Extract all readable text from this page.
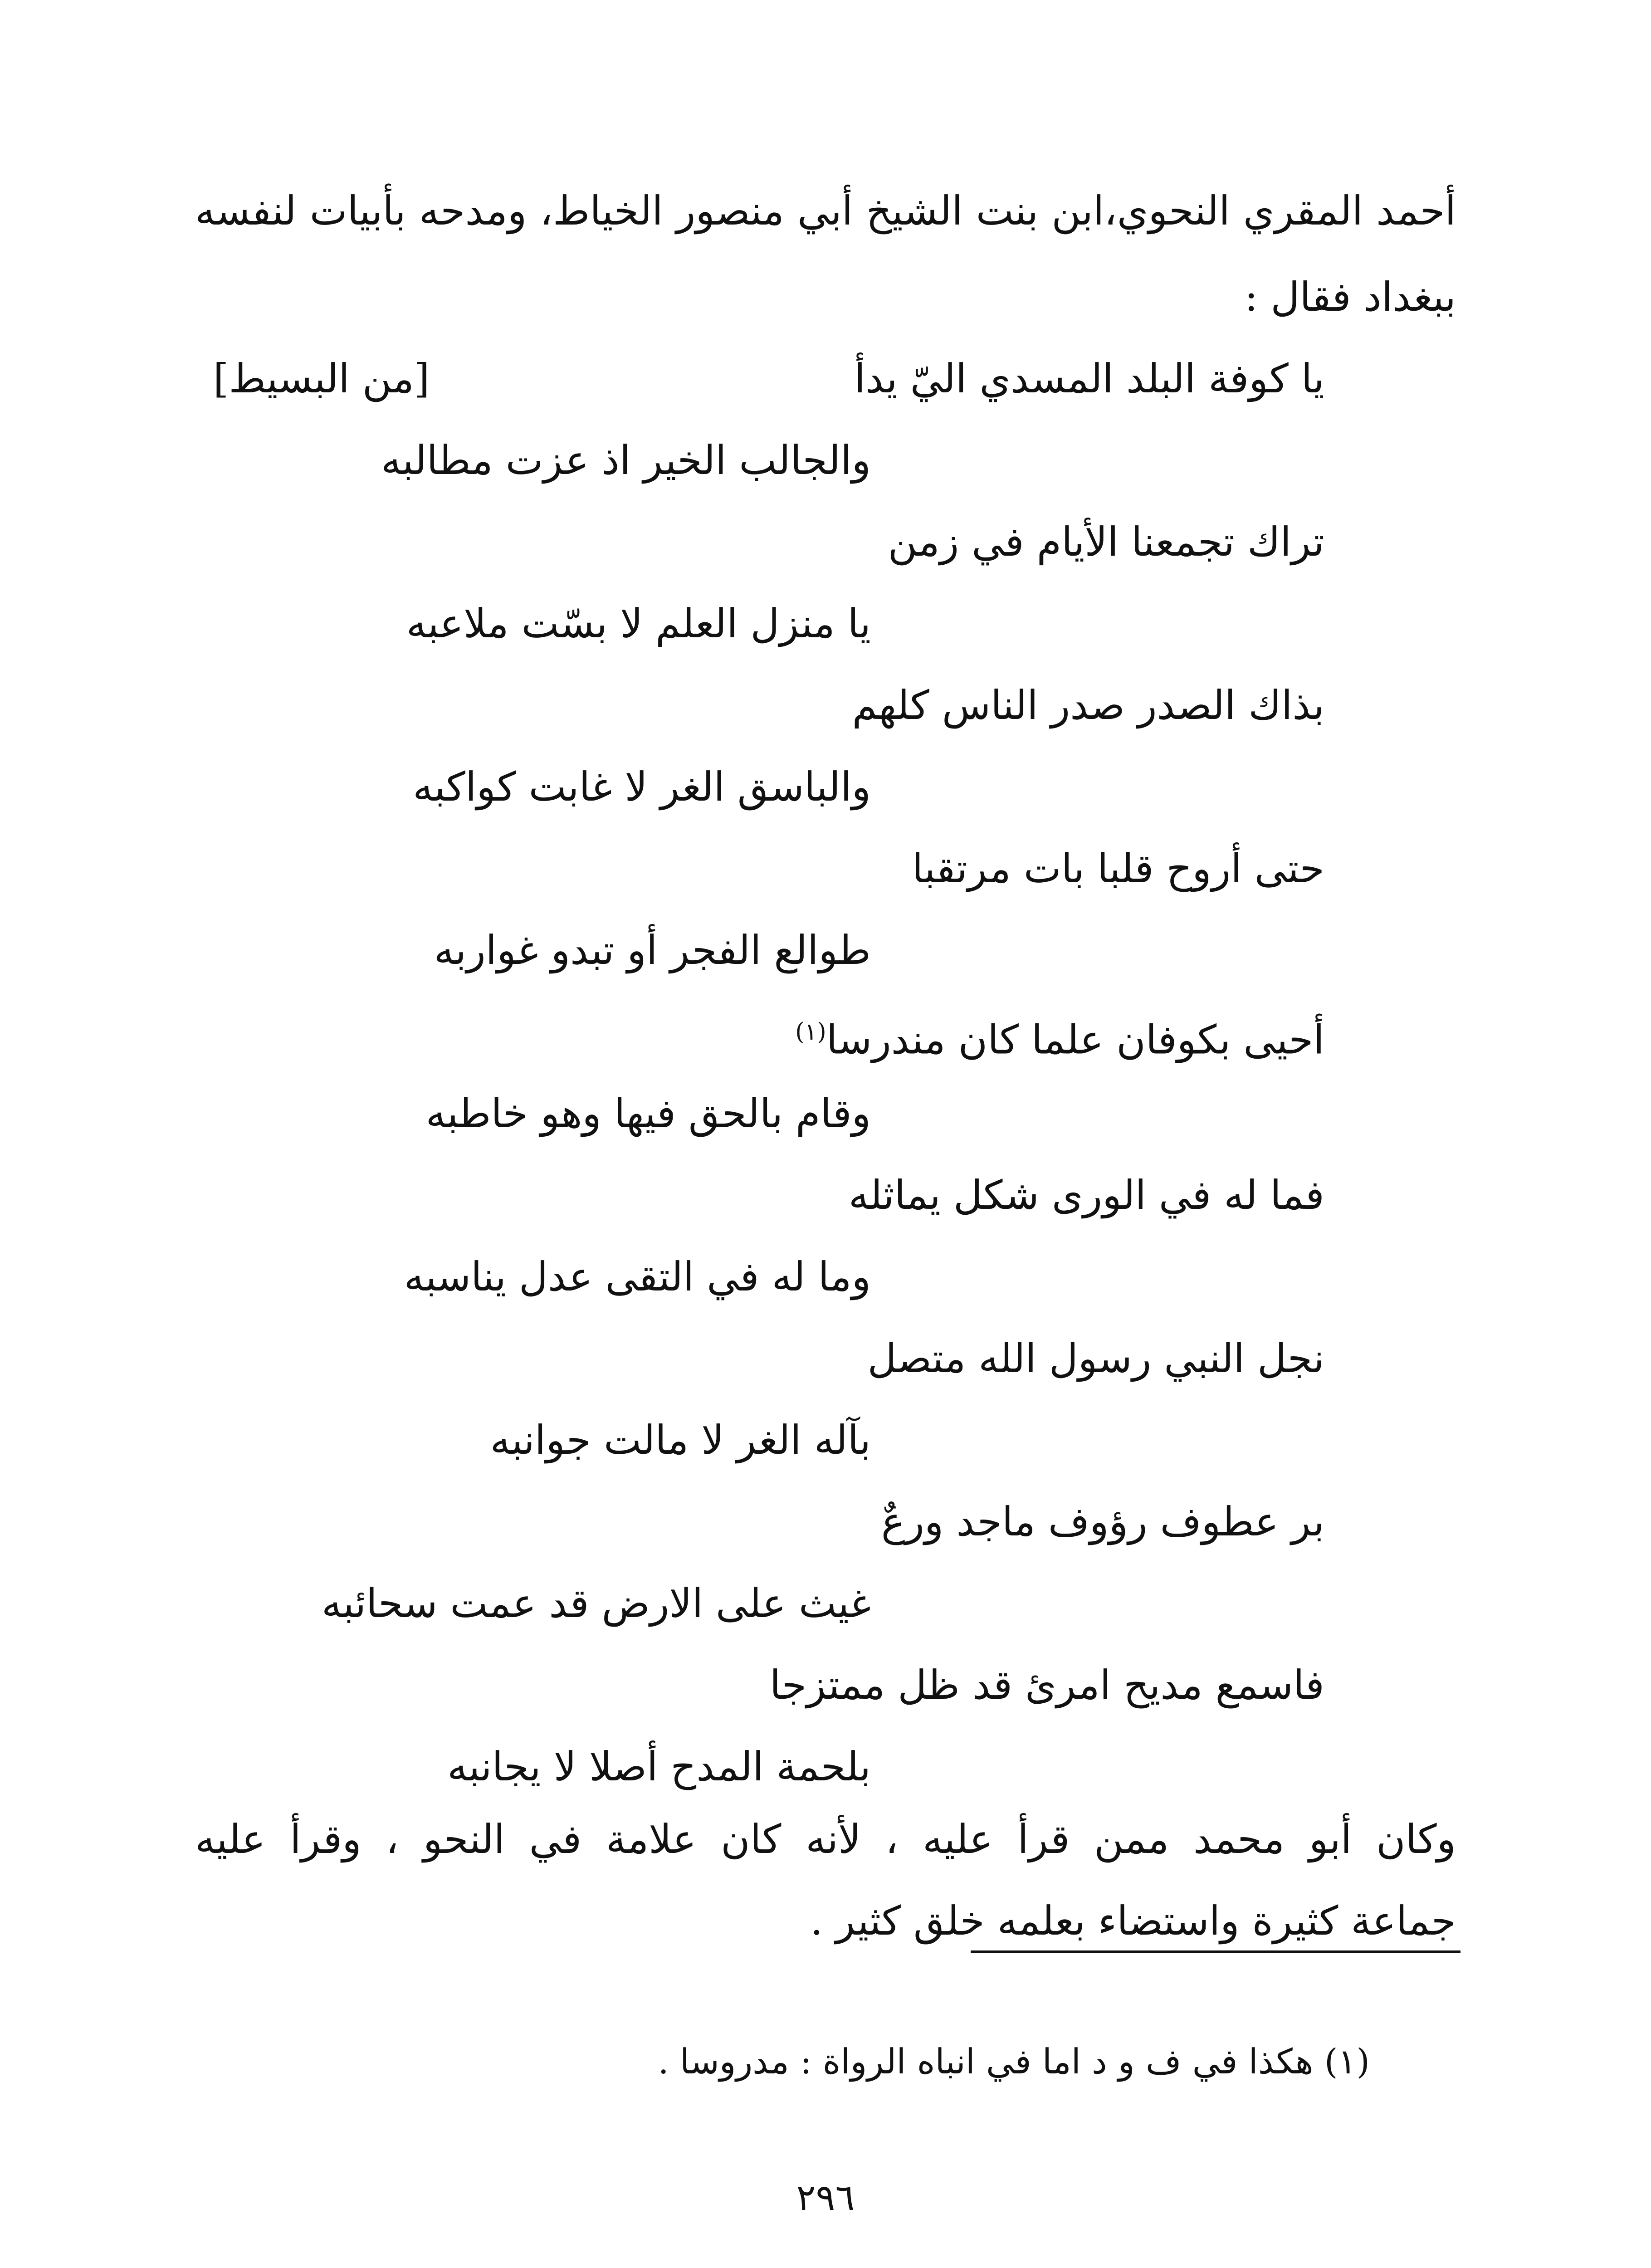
أحمد المقري النحوي،ابن بنت الشيخ أبي منصور الخياط، ومدحه بأبيات لنفسه
ببغداد فقال :
[من البسيط]	يا كوفة البلد المسدي اليّ يدأ
والجالب الخير اذ عزت مطالبه
تراك تجمعنا الأيام في زمن
يا منزل العلم لا بسّت ملاعبه
بذاك الصدر صدر الناس كلهم
والباسق الغر لا غابت كواكبه
حتى أروح قلبا بات مرتقبا
طوالع الفجر أو تبدو غواربه
أحيى بكوفان علما كان مندرسا$^{(١)}$
وقام بالحق فيها وهو خاطبه
فما له في الورى شكل يماثله
وما له في التقى عدل يناسبه
نجل النبي رسول الله متصل
بآله الغر لا مالت جوانبه
بر عطوف رؤوف ماجد ورعٌ
غيث على الارض قد عمت سحائبه
فاسمع مديح امرئ قد ظل ممتزجا
بلحمة المدح أصلا لا يجانبه
وكان أبو محمد ممن قرأ عليه ، لأنه كان علامة في النحو ، وقرأ عليه
جماعة كثيرة واستضاء بعلمه خلق كثير .
(١) هكذا في ف و د اما في انباه الرواة : مدروسا .
٢٩٦
